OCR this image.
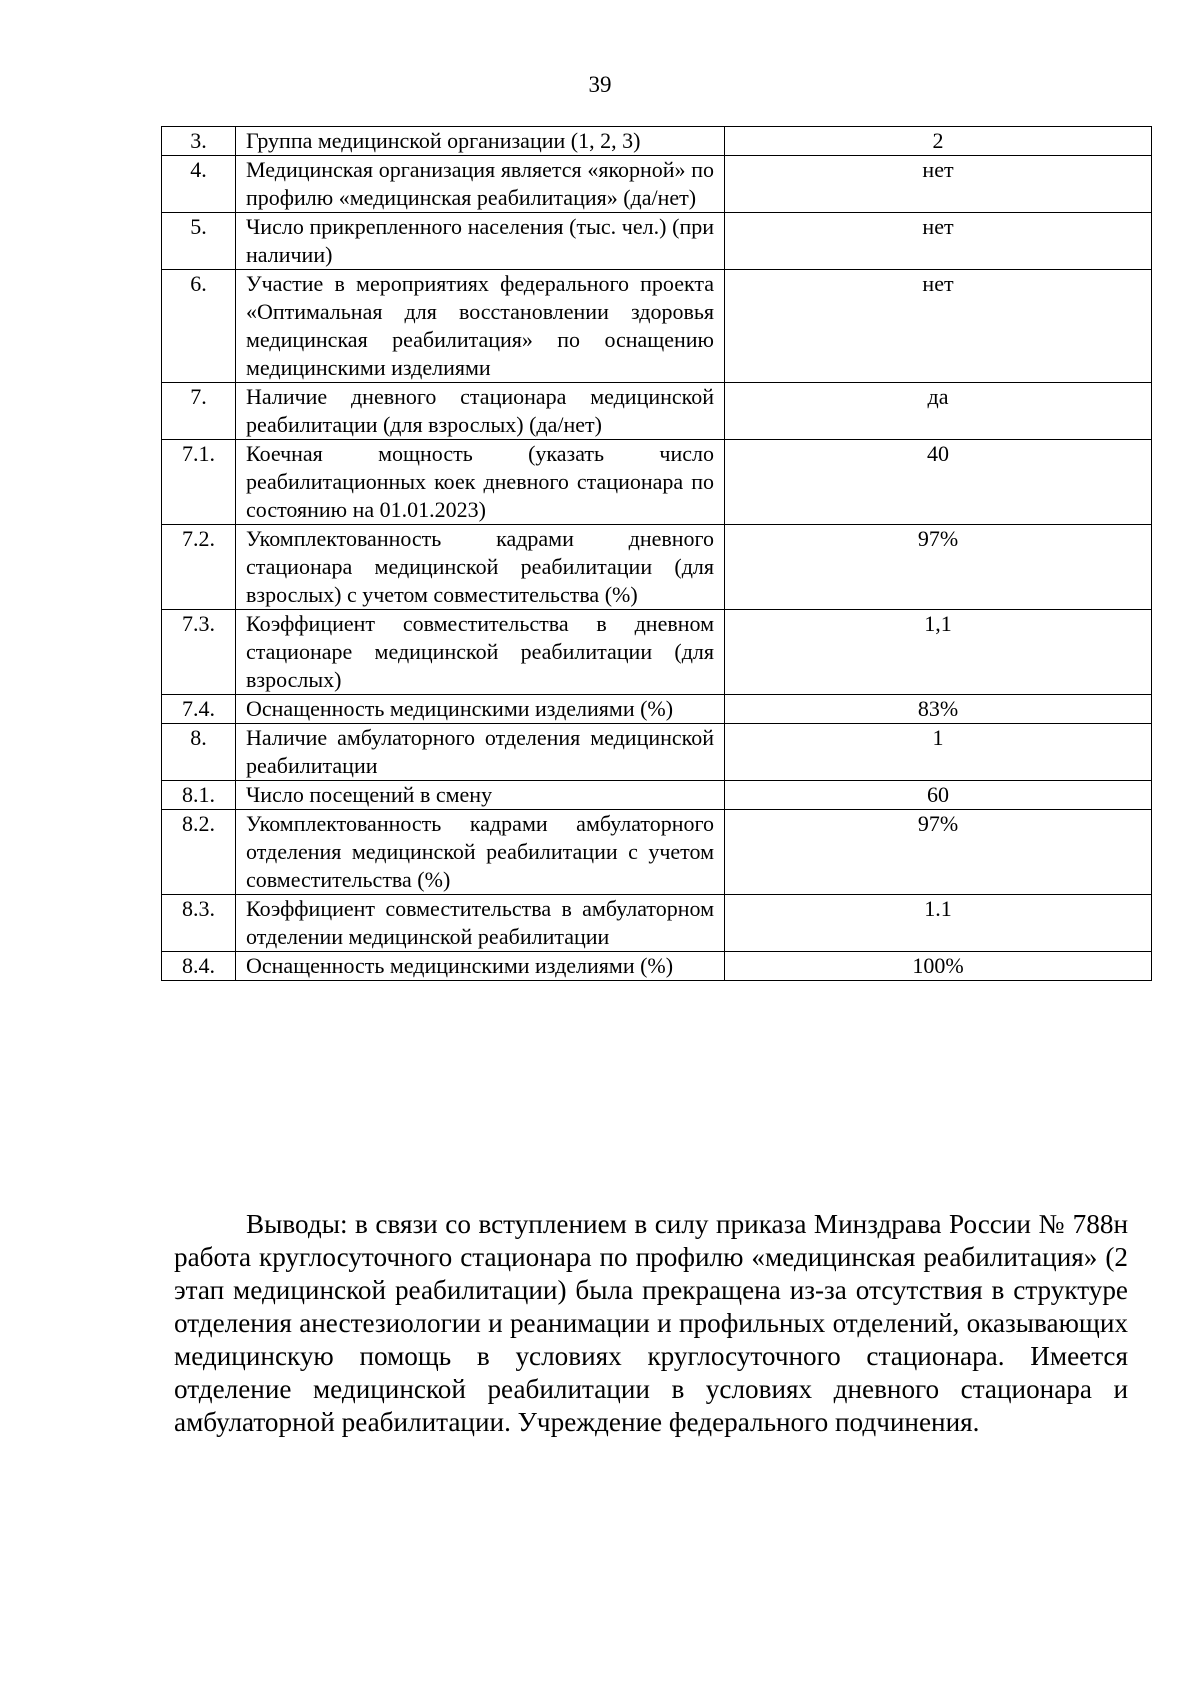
39
3.	Группа медицинской организации (1, 2, 3)	2
4.	Медицинская организация является «якорной» по профилю «медицинская реабилитация» (да/нет)	нет
5.	Число прикрепленного населения (тыс. чел.) (при наличии)	нет
6.	Участие в мероприятиях федерального проекта «Оптимальная для восстановлении здоровья медицинская реабилитация» по оснащению медицинскими изделиями	нет
7.	Наличие дневного стационара медицинской реабилитации (для взрослых) (да/нет)	да
7.1.	Коечная мощность (указать число реабилитационных коек дневного стационара по состоянию на 01.01.2023)	40
7.2.	Укомплектованность кадрами дневного стационара медицинской реабилитации (для взрослых) с учетом совместительства (%)	97%
7.3.	Коэффициент совместительства в дневном стационаре медицинской реабилитации (для взрослых)	1,1
7.4.	Оснащенность медицинскими изделиями (%)	83%
8.	Наличие амбулаторного отделения медицинской реабилитации	1
8.1.	Число посещений в смену	60
8.2.	Укомплектованность кадрами амбулаторного отделения медицинской реабилитации с учетом совместительства (%)	97%
8.3.	Коэффициент совместительства в амбулаторном отделении медицинской реабилитации	1.1
8.4.	Оснащенность медицинскими изделиями (%)	100%

Выводы: в связи со вступлением в силу приказа Минздрава России № 788н работа круглосуточного стационара по профилю «медицинская реабилитация» (2 этап медицинской реабилитации) была прекращена из-за отсутствия в структуре отделения анестезиологии и реанимации и профильных отделений, оказывающих медицинскую помощь в условиях круглосуточного стационара. Имеется отделение медицинской реабилитации в условиях дневного стационара и амбулаторной реабилитации. Учреждение федерального подчинения.
